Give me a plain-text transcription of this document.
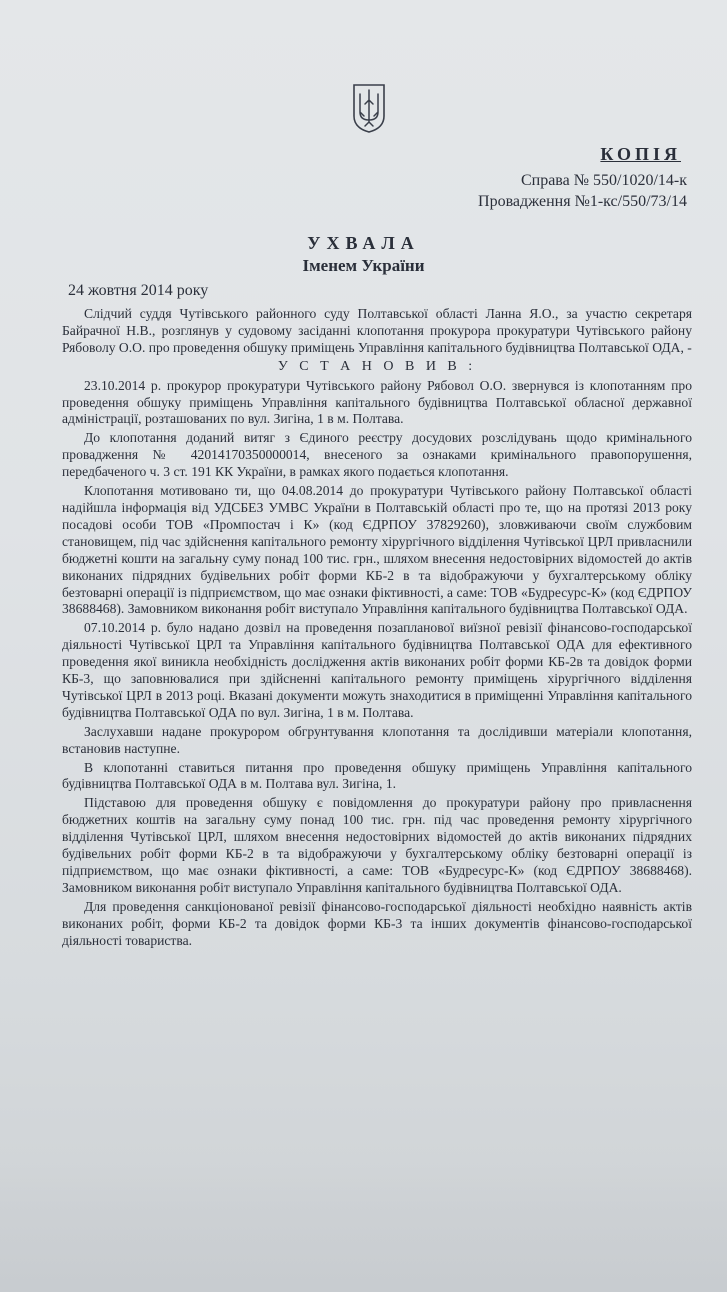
КОПІЯ
Справа № 550/1020/14-к
Провадження №1-кс/550/73/14
УХВАЛА
Іменем України
24 жовтня 2014 року

Слідчий суддя Чутівського районного суду Полтавської області Ланна Я.О., за участю секретаря Байрачної Н.В., розглянув у судовому засіданні клопотання прокурора прокуратури Чутівського району Рябоволу О.О. про проведення обшуку приміщень Управління капітального будівництва Полтавської ОДА, -

У С Т А Н О В И В :

23.10.2014 р. прокурор прокуратури Чутівського району Рябовол О.О. звернувся із клопотанням про проведення обшуку приміщень Управління капітального будівництва Полтавської обласної державної адміністрації, розташованих по вул. Зигіна, 1 в м. Полтава.

До клопотання доданий витяг з Єдиного реєстру досудових розслідувань щодо кримінального провадження № 42014170350000014, внесеного за ознаками кримінального правопорушення, передбаченого ч. 3 ст. 191 КК України, в рамках якого подається клопотання.

Клопотання мотивовано ти, що 04.08.2014 до прокуратури Чутівського району Полтавської області надійшла інформація від УДСБЕЗ УМВС України в Полтавській області про те, що на протязі 2013 року посадові особи ТОВ «Промпостач і К» (код ЄДРПОУ 37829260), зловживаючи своїм службовим становищем, під час здійснення капітального ремонту хірургічного відділення Чутівської ЦРЛ привласнили бюджетні кошти на загальну суму понад 100 тис. грн., шляхом внесення недостовірних відомостей до актів виконаних підрядних будівельних робіт форми КБ-2 в та відображуючи у бухгалтерському обліку безтоварні операції із підприємством, що має ознаки фіктивності, а саме: ТОВ «Будресурс-К» (код ЄДРПОУ 38688468). Замовником виконання робіт виступало Управління капітального будівництва Полтавської ОДА.

07.10.2014 р. було надано дозвіл на проведення позапланової виїзної ревізії фінансово-господарської діяльності Чутівської ЦРЛ та Управління капітального будівництва Полтавської ОДА для ефективного проведення якої виникла необхідність дослідження актів виконаних робіт форми КБ-2в та довідок форми КБ-3, що заповнювалися при здійсненні капітального ремонту приміщень хірургічного відділення Чутівської ЦРЛ в 2013 році. Вказані документи можуть знаходитися в приміщенні Управління капітального будівництва Полтавської ОДА по вул. Зигіна, 1 в м. Полтава.

Заслухавши надане прокурором обгрунтування клопотання та дослідивши матеріали клопотання, встановив наступне.

В клопотанні ставиться питання про проведення обшуку приміщень Управління капітального будівництва Полтавської ОДА в м. Полтава вул. Зигіна, 1.

Підставою для проведення обшуку є повідомлення до прокуратури району про привласнення бюджетних коштів на загальну суму понад 100 тис. грн. під час проведення ремонту хірургічного відділення Чутівської ЦРЛ, шляхом внесення недостовірних відомостей до актів виконаних підрядних будівельних робіт форми КБ-2 в та відображуючи у бухгалтерському обліку безтоварні операції із підприємством, що має ознаки фіктивності, а саме: ТОВ «Будресурс-К» (код ЄДРПОУ 38688468). Замовником виконання робіт виступало Управління капітального будівництва Полтавської ОДА.

Для проведення санкціонованої ревізії фінансово-господарської діяльності необхідно наявність актів виконаних робіт, форми КБ-2 та довідок форми КБ-3 та інших документів фінансово-господарської діяльності товариства.
